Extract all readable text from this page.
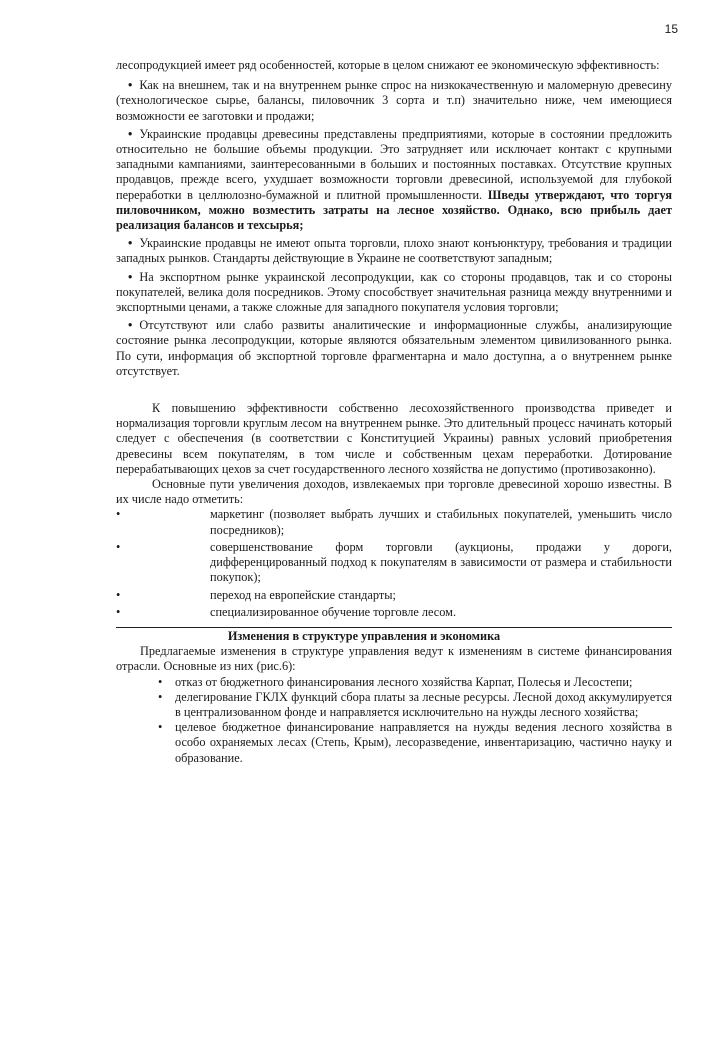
15

лесопродукцией имеет ряд особенностей, которые в целом снижают ее экономическую эффективность:

• Как на внешнем, так и на внутреннем рынке спрос на низкокачественную и маломерную древесину (технологическое сырье, балансы, пиловочник 3 сорта и т.п) значительно ниже, чем имеющиеся возможности ее заготовки и продажи;

• Украинские продавцы древесины представлены предприятиями, которые в состоянии предложить относительно не большие объемы продукции. Это затрудняет или исключает контакт с крупными западными кампаниями, заинтересованными в больших и постоянных поставках. Отсутствие крупных продавцов, прежде всего, ухудшает возможности торговли древесиной, используемой для глубокой переработки в целлюлозно-бумажной и плитной промышленности. Шведы утверждают, что торгуя пиловочником, можно возместить затраты на лесное хозяйство. Однако, всю прибыль дает реализация балансов и техсырья;

• Украинские продавцы не имеют опыта торговли, плохо знают конъюнктуру, требования и традиции западных рынков. Стандарты действующие в Украине не соответствуют западным;

• На экспортном рынке украинской лесопродукции, как со стороны продавцов, так и со стороны покупателей, велика доля посредников. Этому способствует значительная разница между внутренними и экспортными ценами, а также сложные для западного покупателя условия торговли;

• Отсутствуют или слабо развиты аналитические и информационные службы, анализирующие состояние рынка лесопродукции, которые являются обязательным элементом цивилизованного рынка. По сути, информация об экспортной торговле фрагментарна и мало доступна, а о внутреннем рынке отсутствует.

К повышению эффективности собственно лесохозяйственного производства приведет и нормализация торговли круглым лесом на внутреннем рынке. Это длительный процесс начинать который следует с обеспечения (в соответствии с Конституцией Украины) равных условий приобретения древесины всем покупателям, в том числе и собственным цехам переработки. Дотирование перерабатывающих цехов за счет государственного лесного хозяйства не допустимо (противозаконно).

Основные пути увеличения доходов, извлекаемых при торговле древесиной хорошо известны. В их числе надо отметить:

• маркетинг (позволяет выбрать лучших и стабильных покупателей, уменьшить число посредников);
• совершенствование форм торговли (аукционы, продажи у дороги, дифференцированный подход к покупателям в зависимости от размера и стабильности покупок);
• переход на европейские стандарты;
• специализированное обучение торговле лесом.

Изменения в структуре управления и экономика

Предлагаемые изменения в структуре управления ведут к изменениям в системе финансирования отрасли. Основные из них (рис.6):

• отказ от бюджетного финансирования лесного хозяйства Карпат, Полесья и Лесостепи;
• делегирование ГКЛХ функций сбора платы за лесные ресурсы. Лесной доход аккумулируется в централизованном фонде и направляется исключительно на нужды лесного хозяйства;
• целевое бюджетное финансирование направляется на нужды ведения лесного хозяйства в особо охраняемых лесах (Степь, Крым), лесоразведение, инвентаризацию, частично науку и образование.
